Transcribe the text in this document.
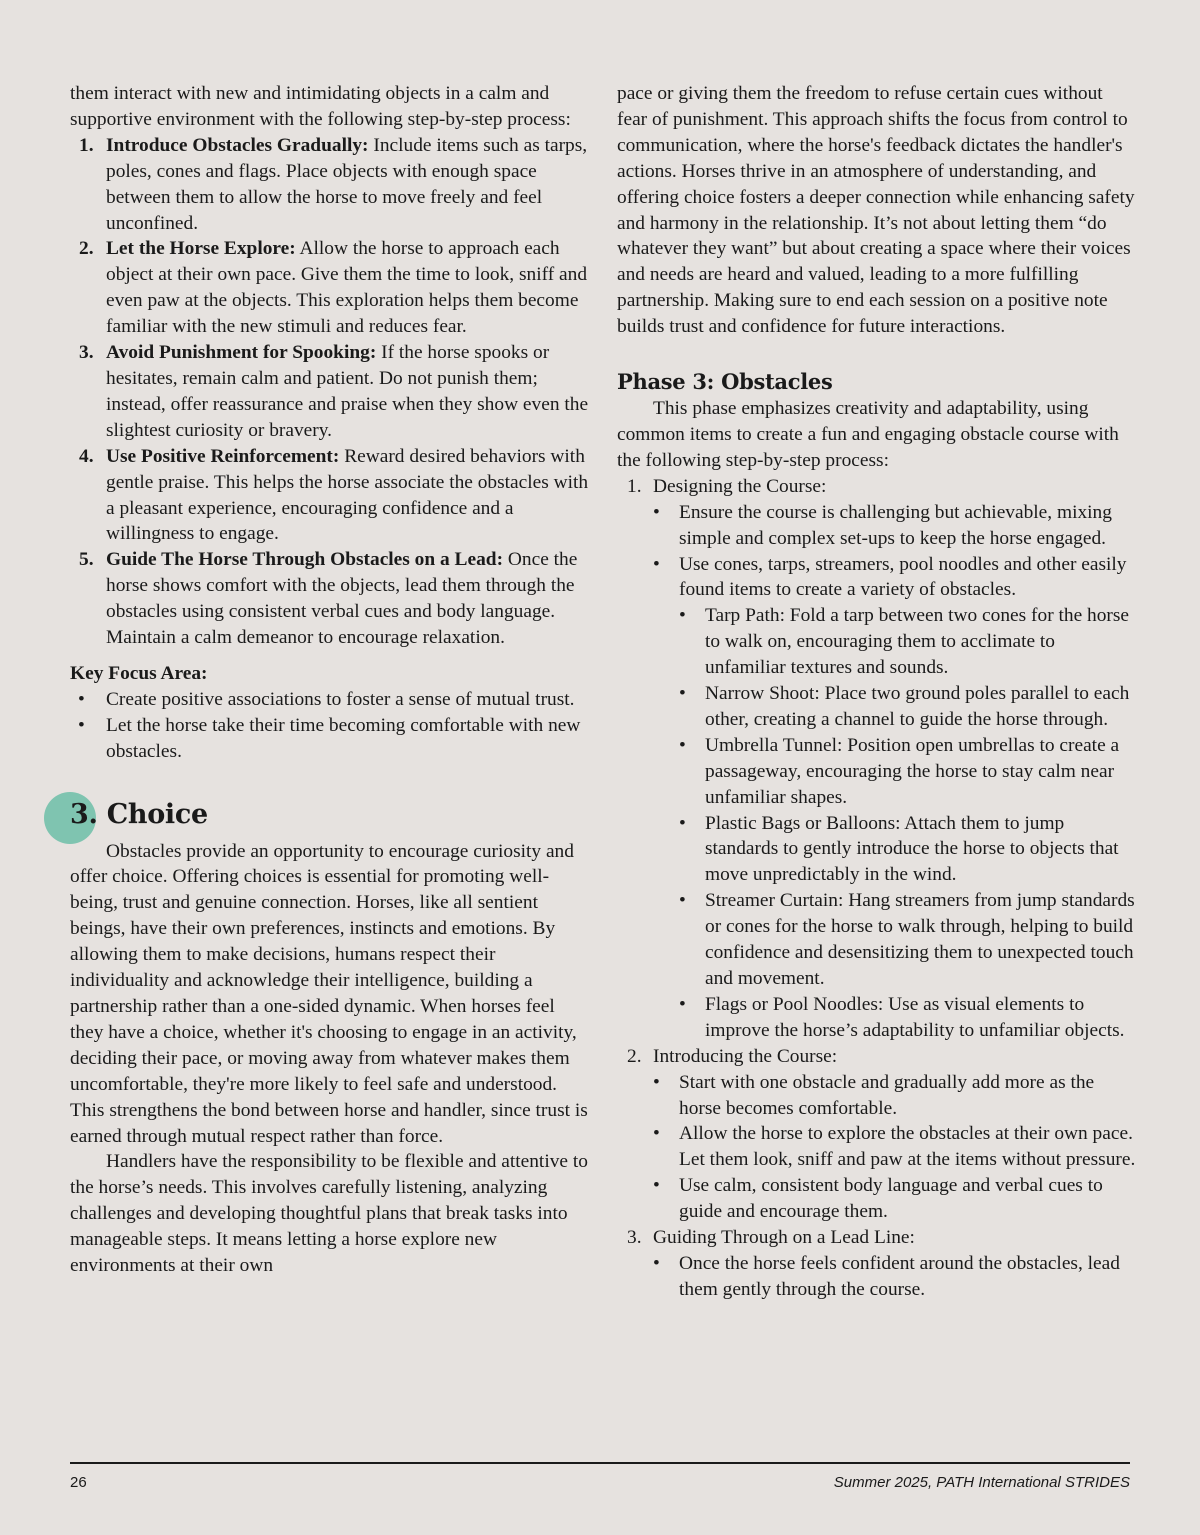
them interact with new and intimidating objects in a calm and supportive environment with the following step-by-step process:

1. Introduce Obstacles Gradually: Include items such as tarps, poles, cones and flags. Place objects with enough space between them to allow the horse to move freely and feel unconfined.
2. Let the Horse Explore: Allow the horse to approach each object at their own pace. Give them the time to look, sniff and even paw at the objects. This exploration helps them become familiar with the new stimuli and reduces fear.
3. Avoid Punishment for Spooking: If the horse spooks or hesitates, remain calm and patient. Do not punish them; instead, offer reassurance and praise when they show even the slightest curiosity or bravery.
4. Use Positive Reinforcement: Reward desired behaviors with gentle praise. This helps the horse associate the obstacles with a pleasant experience, encouraging confidence and a willingness to engage.
5. Guide The Horse Through Obstacles on a Lead: Once the horse shows comfort with the objects, lead them through the obstacles using consistent verbal cues and body language. Maintain a calm demeanor to encourage relaxation.

Key Focus Area:

• Create positive associations to foster a sense of mutual trust.
• Let the horse take their time becoming comfortable with new obstacles.
3. Choice

Obstacles provide an opportunity to encourage curiosity and offer choice. Offering choices is essential for promoting well-being, trust and genuine connection. Horses, like all sentient beings, have their own preferences, instincts and emotions. By allowing them to make decisions, humans respect their individuality and acknowledge their intelligence, building a partnership rather than a one-sided dynamic. When horses feel they have a choice, whether it's choosing to engage in an activity, deciding their pace, or moving away from whatever makes them uncomfortable, they're more likely to feel safe and understood. This strengthens the bond between horse and handler, since trust is earned through mutual respect rather than force.

Handlers have the responsibility to be flexible and attentive to the horse’s needs. This involves carefully listening, analyzing challenges and developing thoughtful plans that break tasks into manageable steps. It means letting a horse explore new environments at their own

pace or giving them the freedom to refuse certain cues without fear of punishment. This approach shifts the focus from control to communication, where the horse's feedback dictates the handler's actions. Horses thrive in an atmosphere of understanding, and offering choice fosters a deeper connection while enhancing safety and harmony in the relationship. It’s not about letting them “do whatever they want” but about creating a space where their voices and needs are heard and valued, leading to a more fulfilling partnership. Making sure to end each session on a positive note builds trust and confidence for future interactions.

Phase 3: Obstacles

This phase emphasizes creativity and adaptability, using common items to create a fun and engaging obstacle course with the following step-by-step process:

1. Designing the Course:
• Ensure the course is challenging but achievable, mixing simple and complex set-ups to keep the horse engaged.
• Use cones, tarps, streamers, pool noodles and other easily found items to create a variety of obstacles.
• Tarp Path: Fold a tarp between two cones for the horse to walk on, encouraging them to acclimate to unfamiliar textures and sounds.
• Narrow Shoot: Place two ground poles parallel to each other, creating a channel to guide the horse through.
• Umbrella Tunnel: Position open umbrellas to create a passageway, encouraging the horse to stay calm near unfamiliar shapes.
• Plastic Bags or Balloons: Attach them to jump standards to gently introduce the horse to objects that move unpredictably in the wind.
• Streamer Curtain: Hang streamers from jump standards or cones for the horse to walk through, helping to build confidence and desensitizing them to unexpected touch and movement.
• Flags or Pool Noodles: Use as visual elements to improve the horse’s adaptability to unfamiliar objects.
2. Introducing the Course:
• Start with one obstacle and gradually add more as the horse becomes comfortable.
• Allow the horse to explore the obstacles at their own pace. Let them look, sniff and paw at the items without pressure.
• Use calm, consistent body language and verbal cues to guide and encourage them.
3. Guiding Through on a Lead Line:
• Once the horse feels confident around the obstacles, lead them gently through the course.
26	Summer 2025, PATH International STRIDES
